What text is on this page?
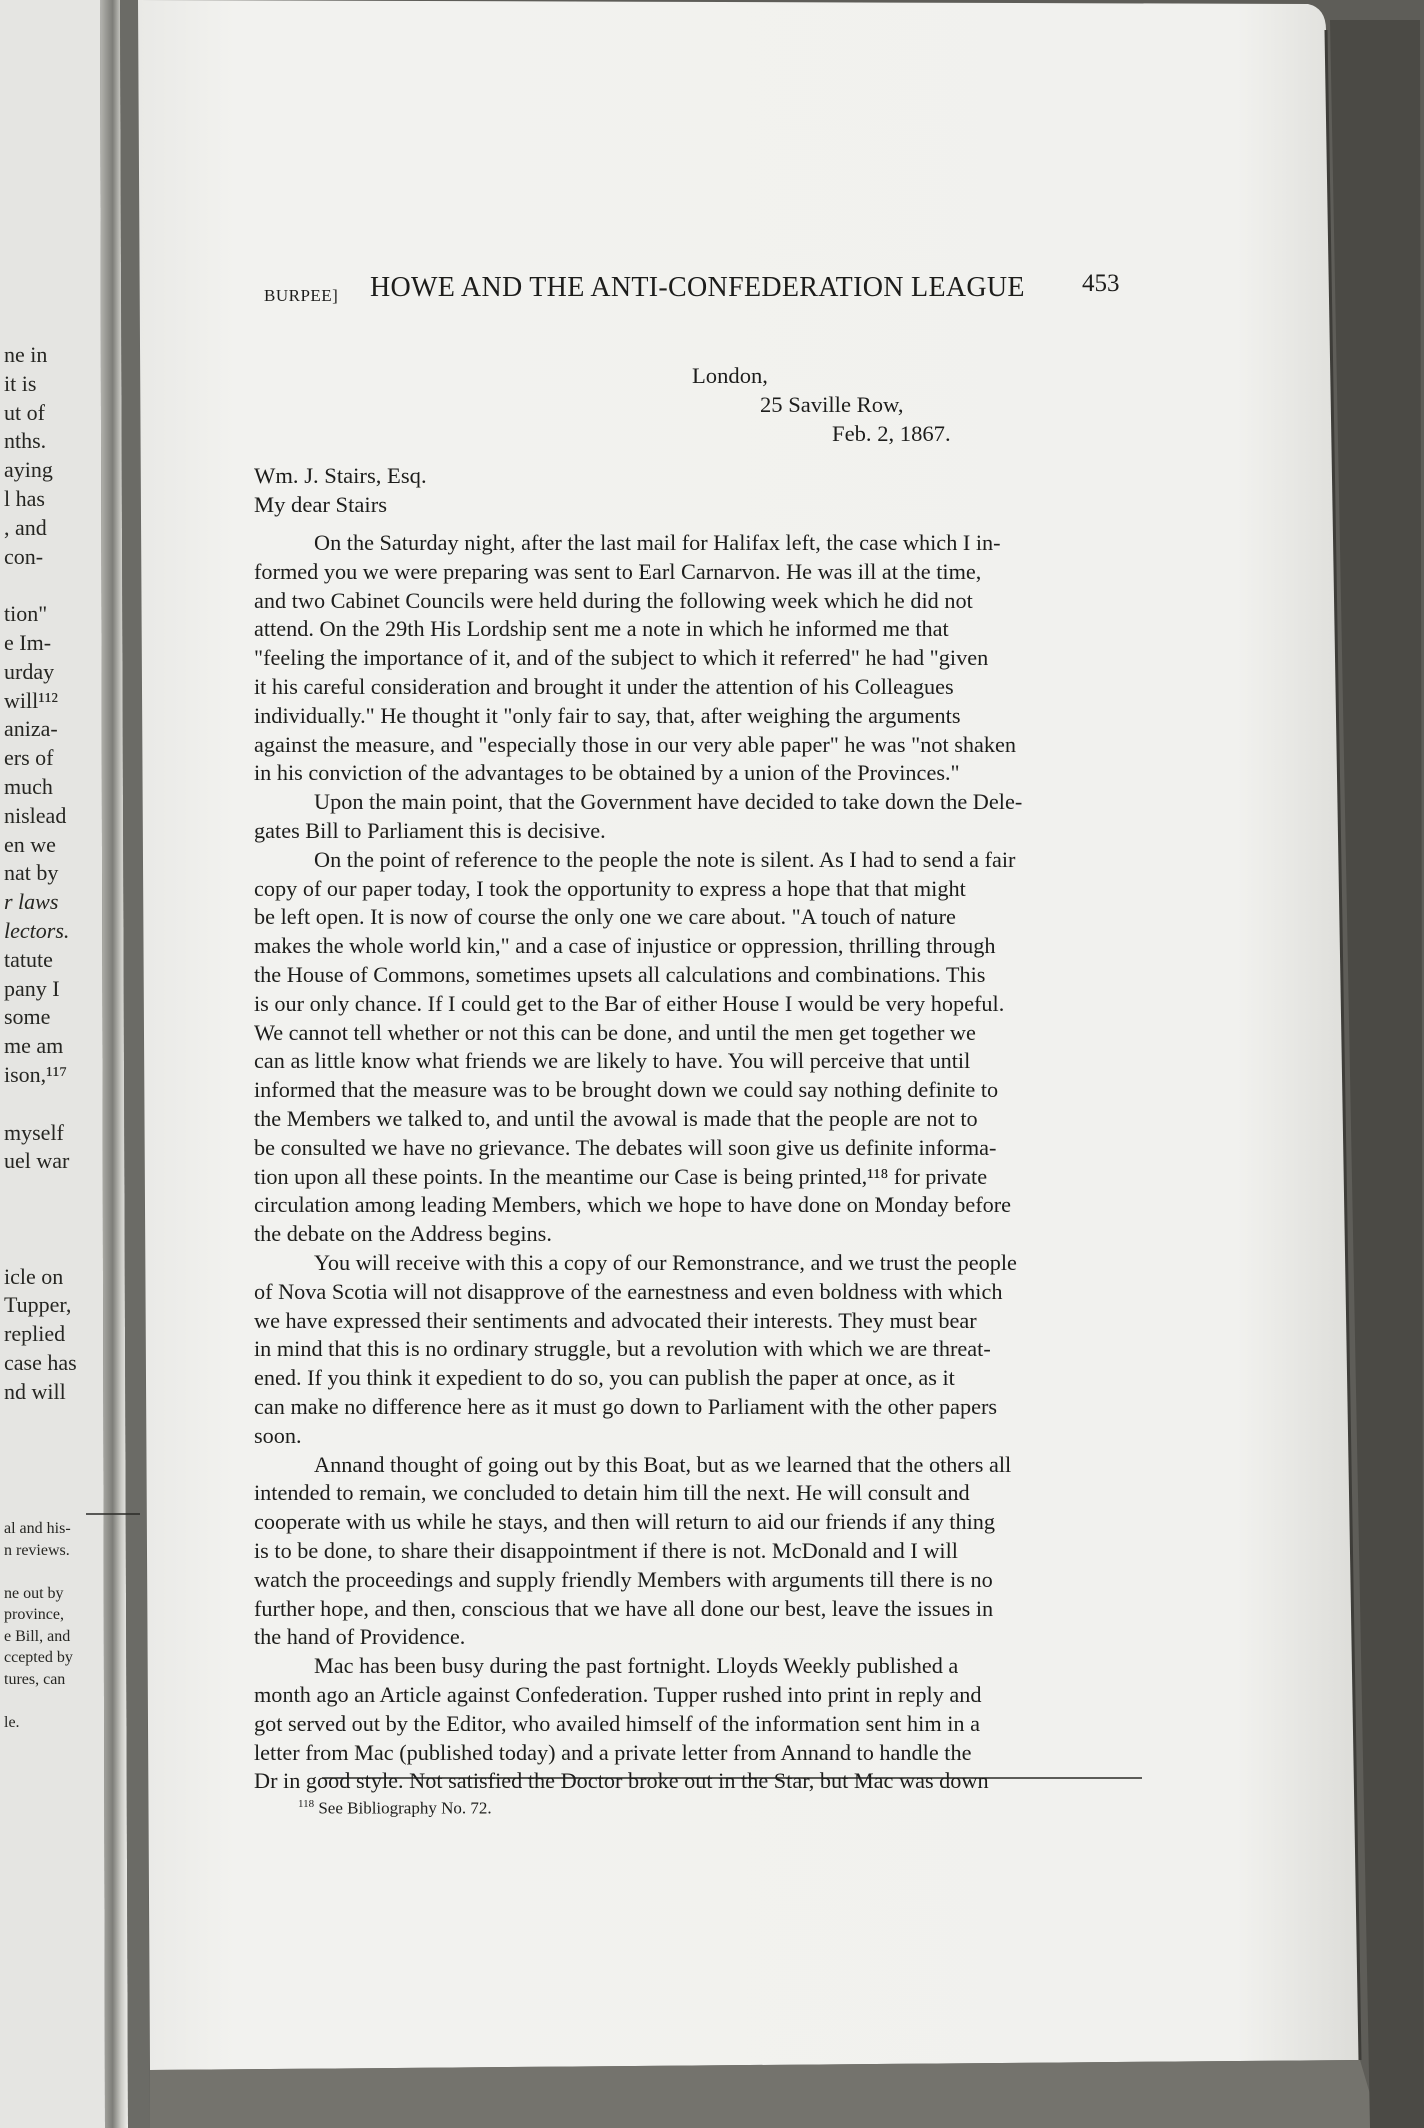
ne in
it is
ut of
nths.
aying
l has
, and
con-
tion"
e Im-
urday
will¹¹²
aniza-
ers of
much
nislead
en we
nat by
r laws
lectors.
tatute
pany I
some
me am
ison,¹¹⁷
myself
uel war
icle on
Tupper,
replied
case has
nd will
al and his-
n reviews.
ne out by
province,
e Bill, and
ccepted by
tures, can
le.
BURPEE] HOWE AND THE ANTI-CONFEDERATION LEAGUE 453
London,
25 Saville Row,
Feb. 2, 1867.
Wm. J. Stairs, Esq.
My dear Stairs
On the Saturday night, after the last mail for Halifax left, the case which I in-
formed you we were preparing was sent to Earl Carnarvon. He was ill at the time,
and two Cabinet Councils were held during the following week which he did not
attend. On the 29th His Lordship sent me a note in which he informed me that
"feeling the importance of it, and of the subject to which it referred" he had "given
it his careful consideration and brought it under the attention of his Colleagues
individually." He thought it "only fair to say, that, after weighing the arguments
against the measure, and "especially those in our very able paper" he was "not shaken
in his conviction of the advantages to be obtained by a union of the Provinces."
Upon the main point, that the Government have decided to take down the Dele-
gates Bill to Parliament this is decisive.
On the point of reference to the people the note is silent. As I had to send a fair
copy of our paper today, I took the opportunity to express a hope that that might
be left open. It is now of course the only one we care about. "A touch of nature
makes the whole world kin," and a case of injustice or oppression, thrilling through
the House of Commons, sometimes upsets all calculations and combinations. This
is our only chance. If I could get to the Bar of either House I would be very hopeful.
We cannot tell whether or not this can be done, and until the men get together we
can as little know what friends we are likely to have. You will perceive that until
informed that the measure was to be brought down we could say nothing definite to
the Members we talked to, and until the avowal is made that the people are not to
be consulted we have no grievance. The debates will soon give us definite informa-
tion upon all these points. In the meantime our Case is being printed,¹¹⁸ for private
circulation among leading Members, which we hope to have done on Monday before
the debate on the Address begins.
You will receive with this a copy of our Remonstrance, and we trust the people
of Nova Scotia will not disapprove of the earnestness and even boldness with which
we have expressed their sentiments and advocated their interests. They must bear
in mind that this is no ordinary struggle, but a revolution with which we are threat-
ened. If you think it expedient to do so, you can publish the paper at once, as it
can make no difference here as it must go down to Parliament with the other papers
soon.
Annand thought of going out by this Boat, but as we learned that the others all
intended to remain, we concluded to detain him till the next. He will consult and
cooperate with us while he stays, and then will return to aid our friends if any thing
is to be done, to share their disappointment if there is not. McDonald and I will
watch the proceedings and supply friendly Members with arguments till there is no
further hope, and then, conscious that we have all done our best, leave the issues in
the hand of Providence.
Mac has been busy during the past fortnight. Lloyds Weekly published a
month ago an Article against Confederation. Tupper rushed into print in reply and
got served out by the Editor, who availed himself of the information sent him in a
letter from Mac (published today) and a private letter from Annand to handle the
Dr in good style. Not satisfied the Doctor broke out in the Star, but Mac was down
$^{118}$ See Bibliography No. 72.
